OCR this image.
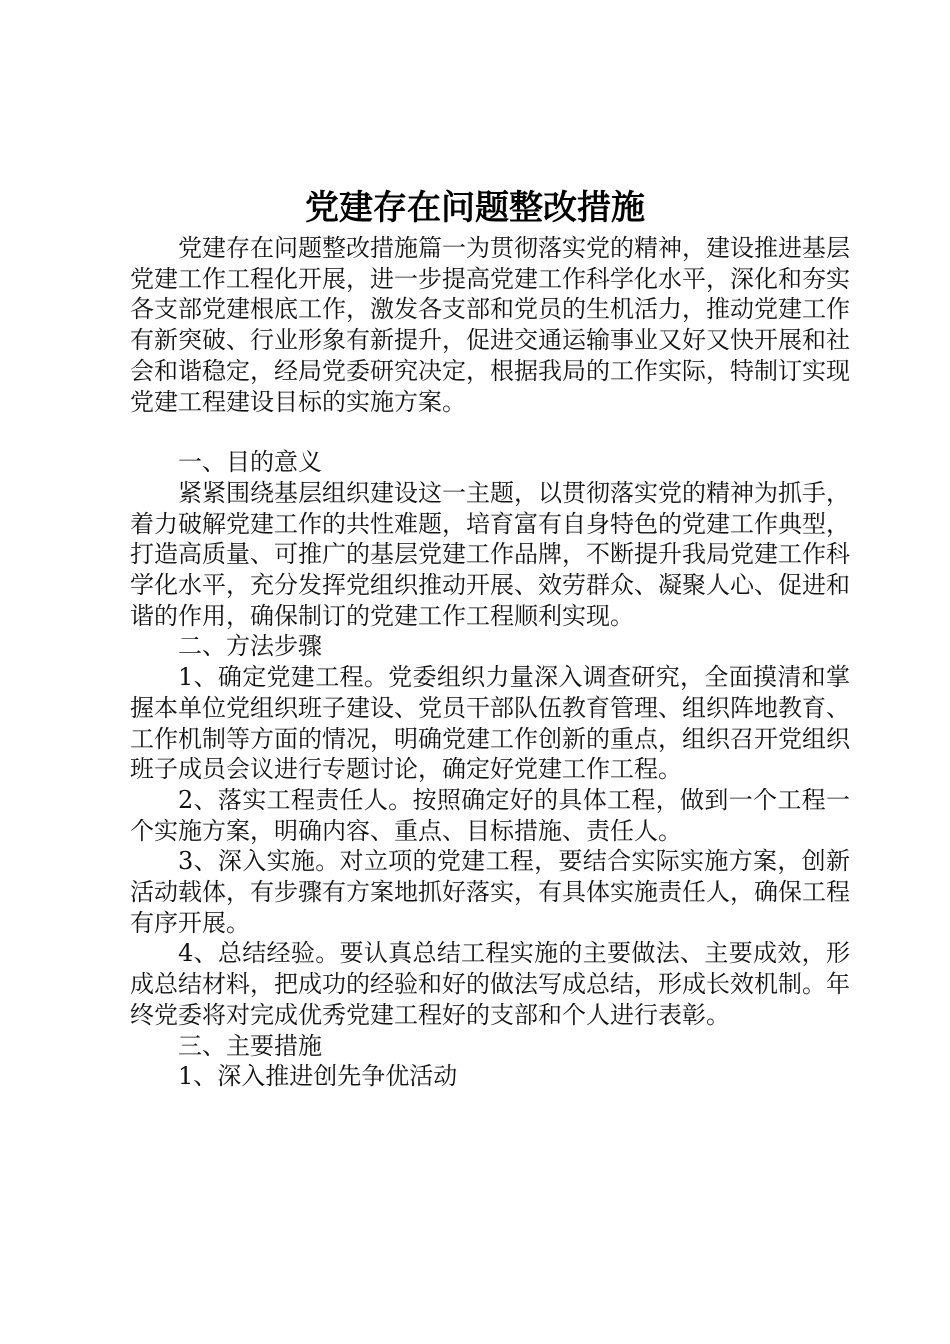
党建存在问题整改措施

党建存在问题整改措施篇一为贯彻落实党的精神，建设推进基层党建工作工程化开展，进一步提高党建工作科学化水平，深化和夯实各支部党建根底工作，激发各支部和党员的生机活力，推动党建工作有新突破、行业形象有新提升，促进交通运输事业又好又快开展和社会和谐稳定，经局党委研究决定，根据我局的工作实际，特制订实现党建工程建设目标的实施方案。

一、目的意义

紧紧围绕基层组织建设这一主题，以贯彻落实党的精神为抓手，着力破解党建工作的共性难题，培育富有自身特色的党建工作典型，打造高质量、可推广的基层党建工作品牌，不断提升我局党建工作科学化水平，充分发挥党组织推动开展、效劳群众、凝聚人心、促进和谐的作用，确保制订的党建工作工程顺利实现。

二、方法步骤

1、确定党建工程。党委组织力量深入调查研究，全面摸清和掌握本单位党组织班子建设、党员干部队伍教育管理、组织阵地教育、工作机制等方面的情况，明确党建工作创新的重点，组织召开党组织班子成员会议进行专题讨论，确定好党建工作工程。

2、落实工程责任人。按照确定好的具体工程，做到一个工程一个实施方案，明确内容、重点、目标措施、责任人。

3、深入实施。对立项的党建工程，要结合实际实施方案，创新活动载体，有步骤有方案地抓好落实，有具体实施责任人，确保工程有序开展。

4、总结经验。要认真总结工程实施的主要做法、主要成效，形成总结材料，把成功的经验和好的做法写成总结，形成长效机制。年终党委将对完成优秀党建工程好的支部和个人进行表彰。

三、主要措施

1、深入推进创先争优活动
